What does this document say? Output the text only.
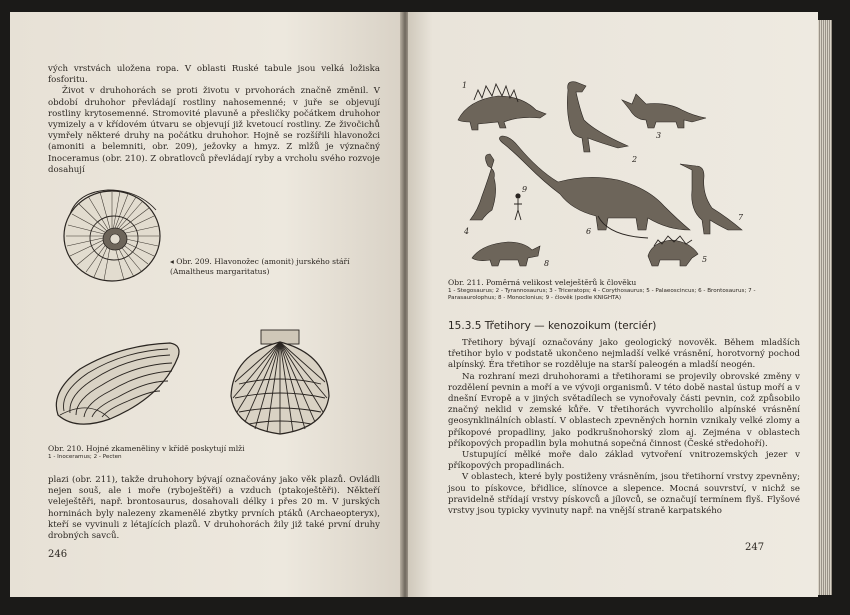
vých vrstvách uložena ropa. V oblasti Ruské tabule jsou velká ložiska fosforitu.

Život v druhohorách se proti životu v prvohorách značně změnil. V období druhohor převládají rostliny nahosemenné; v juře se objevují rostliny krytosemenné. Stromovité plavuně a přesličky počátkem druhohor vymizely a v křídovém útvaru se objevují již kvetoucí rostliny. Ze živočichů vymřely některé druhy na počátku druhohor. Hojně se rozšířili hlavonožci (amoniti a belemniti, obr. 209), ježovky a hmyz. Z mlžů je význačný Inoceramus (obr. 210). Z obratlovců převládají ryby a vrcholu svého rozvoje dosahují

◂ Obr. 209. Hlavonožec (amonit) jurského stáří (Amaltheus margaritatus)
Obr. 210. Hojné zkameněliny v křídě poskytují mlži
1 - Inoceramus; 2 - Pecten

plazi (obr. 211), takže druhohory bývají označovány jako věk plazů. Ovládli nejen souš, ale i moře (ryboještěři) a vzduch (ptakoještěři). Někteří veleještěři, např. brontosaurus, dosahovali délky i přes 20 m. V jurských horninách byly nalezeny zkamenělé zbytky prvních ptáků (Archaeopteryx), kteří se vyvinuli z létajících plazů. V druhohorách žily již také první druhy drobných savců.

246
1
2
3
4
5
6
7
8
9
Obr. 211. Poměrná velikost veleještěrů k člověku
1 - Stegosaurus; 2 - Tyrannosaurus; 3 - Triceratops; 4 - Corythosaurus; 5 - Palaeoscincus; 6 - Brontosaurus; 7 - Parasaurolophus; 8 - Monoclonius; 9 - člověk (podle KNIGHTA)
15.3.5 Třetihory — kenozoikum (terciér)

Třetihory bývají označovány jako geologický novověk. Během mladších třetihor bylo v podstatě ukončeno nejmladší velké vrásnění, horotvorný pochod alpínský. Éra třetihor se rozděluje na starší paleogén a mladší neogén.

Na rozhraní mezi druhohorami a třetihorami se projevily obrovské změny v rozdělení pevnin a moří a ve vývoji organismů. V této době nastal ústup moří a v dnešní Evropě a v jiných světadílech se vynořovaly části pevnin, což způsobilo značný neklid v zemské kůře. V třetihorách vyvrcholilo alpínské vrásnění geosynklinálních oblastí. V oblastech zpevněných hornin vznikaly velké zlomy a příkopové propadliny, jako podkrušnohorský zlom aj. Zejména v oblastech příkopových propadlin byla mohutná sopečná činnost (České středohoří).

Ustupující mělké moře dalo základ vytvoření vnitrozemských jezer v příkopových propadlinách.

V oblastech, které byly postiženy vrásněním, jsou třetihorní vrstvy zpevněny; jsou to pískovce, břidlice, slínovce a slepence. Mocná souvrství, v nichž se pravidelně střídají vrstvy pískovců a jílovců, se označují termínem flyš. Flyšové vrstvy jsou typicky vyvinuty např. na vnější straně karpatského

247
